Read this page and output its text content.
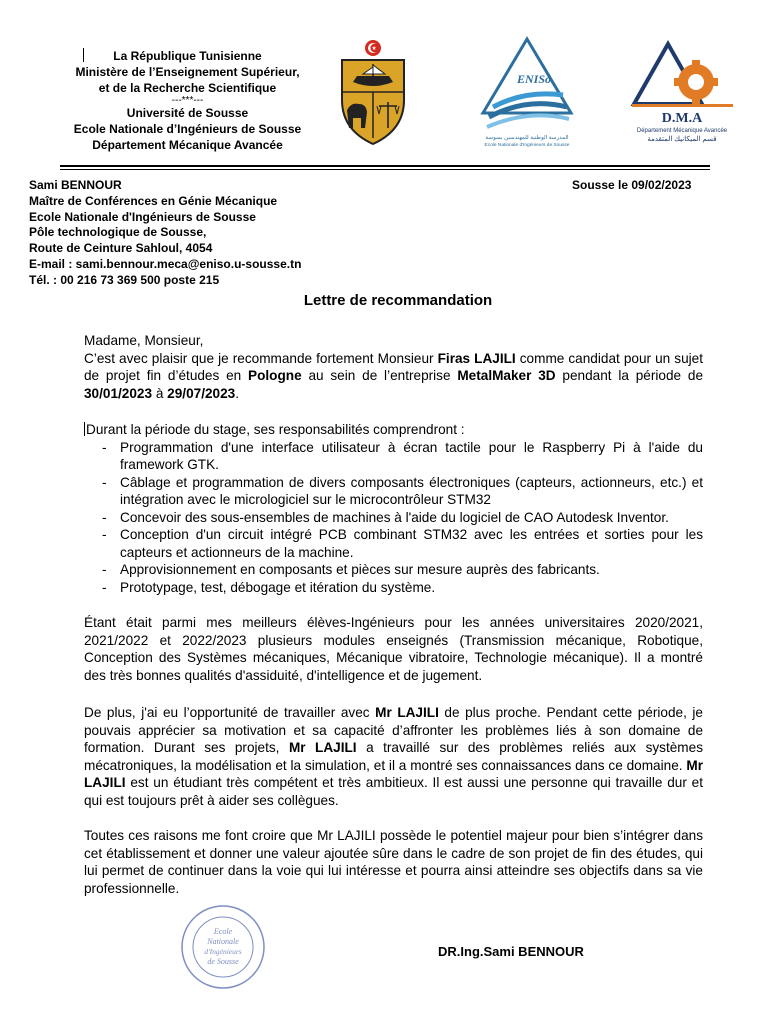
La République Tunisienne
Ministère de l’Enseignement Supérieur,
et de la Recherche Scientifique
---***---
Université de Sousse
Ecole Nationale d’Ingénieurs de Sousse
Département Mécanique Avancée
ENISo
المدرسة الوطنية للمهندسين بسوسة
Ecole Nationale d'Ingénieurs de Sousse
D.M.A
Département Mécanique Avancée
قسم الميكانيك المتقدمة
Sami BENNOUR
Maître de Conférences en Génie Mécanique
Ecole Nationale d'Ingénieurs de Sousse
Pôle technologique de Sousse,
Route de Ceinture Sahloul, 4054
E-mail : sami.bennour.meca@eniso.u-sousse.tn
Tél. : 00 216 73 369 500 poste 215
Sousse le 09/02/2023
Lettre de recommandation

Madame, Monsieur,

C’est avec plaisir que je recommande fortement Monsieur Firas LAJILI comme candidat pour un sujet de projet fin d’études en Pologne au sein de l’entreprise MetalMaker 3D pendant la période de 30/01/2023 à 29/07/2023.

Durant la période du stage, ses responsabilités comprendront :

- Programmation d'une interface utilisateur à écran tactile pour le Raspberry Pi à l'aide du framework GTK.
- Câblage et programmation de divers composants électroniques (capteurs, actionneurs, etc.) et intégration avec le micrologiciel sur le microcontrôleur STM32
- Concevoir des sous-ensembles de machines à l'aide du logiciel de CAO Autodesk Inventor.
- Conception d'un circuit intégré PCB combinant STM32 avec les entrées et sorties pour les capteurs et actionneurs de la machine.
- Approvisionnement en composants et pièces sur mesure auprès des fabricants.
- Prototypage, test, débogage et itération du système.
Étant était parmi mes meilleurs élèves-Ingénieurs pour les années universitaires 2020/2021, 2021/2022 et 2022/2023 plusieurs modules enseignés (Transmission mécanique, Robotique, Conception des Systèmes mécaniques, Mécanique vibratoire, Technologie mécanique). Il a montré des très bonnes qualités d'assiduité, d'intelligence et de jugement.
De plus, j'ai eu l’opportunité de travailler avec Mr LAJILI de plus proche. Pendant cette période, je pouvais apprécier sa motivation et sa capacité d’affronter les problèmes liés à son domaine de formation. Durant ses projets, Mr LAJILI a travaillé sur des problèmes reliés aux systèmes mécatroniques, la modélisation et la simulation, et il a montré ses connaissances dans ce domaine. Mr LAJILI est un étudiant très compétent et très ambitieux. Il est aussi une personne qui travaille dur et qui est toujours prêt à aider ses collègues.
Toutes ces raisons me font croire que Mr LAJILI possède le potentiel majeur pour bien s’intégrer dans cet établissement et donner une valeur ajoutée sûre dans le cadre de son projet de fin des études, qui lui permet de continuer dans la voie qui lui intéresse et pourra ainsi atteindre ses objectifs dans sa vie professionnelle.
Ecole
Nationale
d'Ingénieurs
de Sousse
DR.Ing.Sami BENNOUR
